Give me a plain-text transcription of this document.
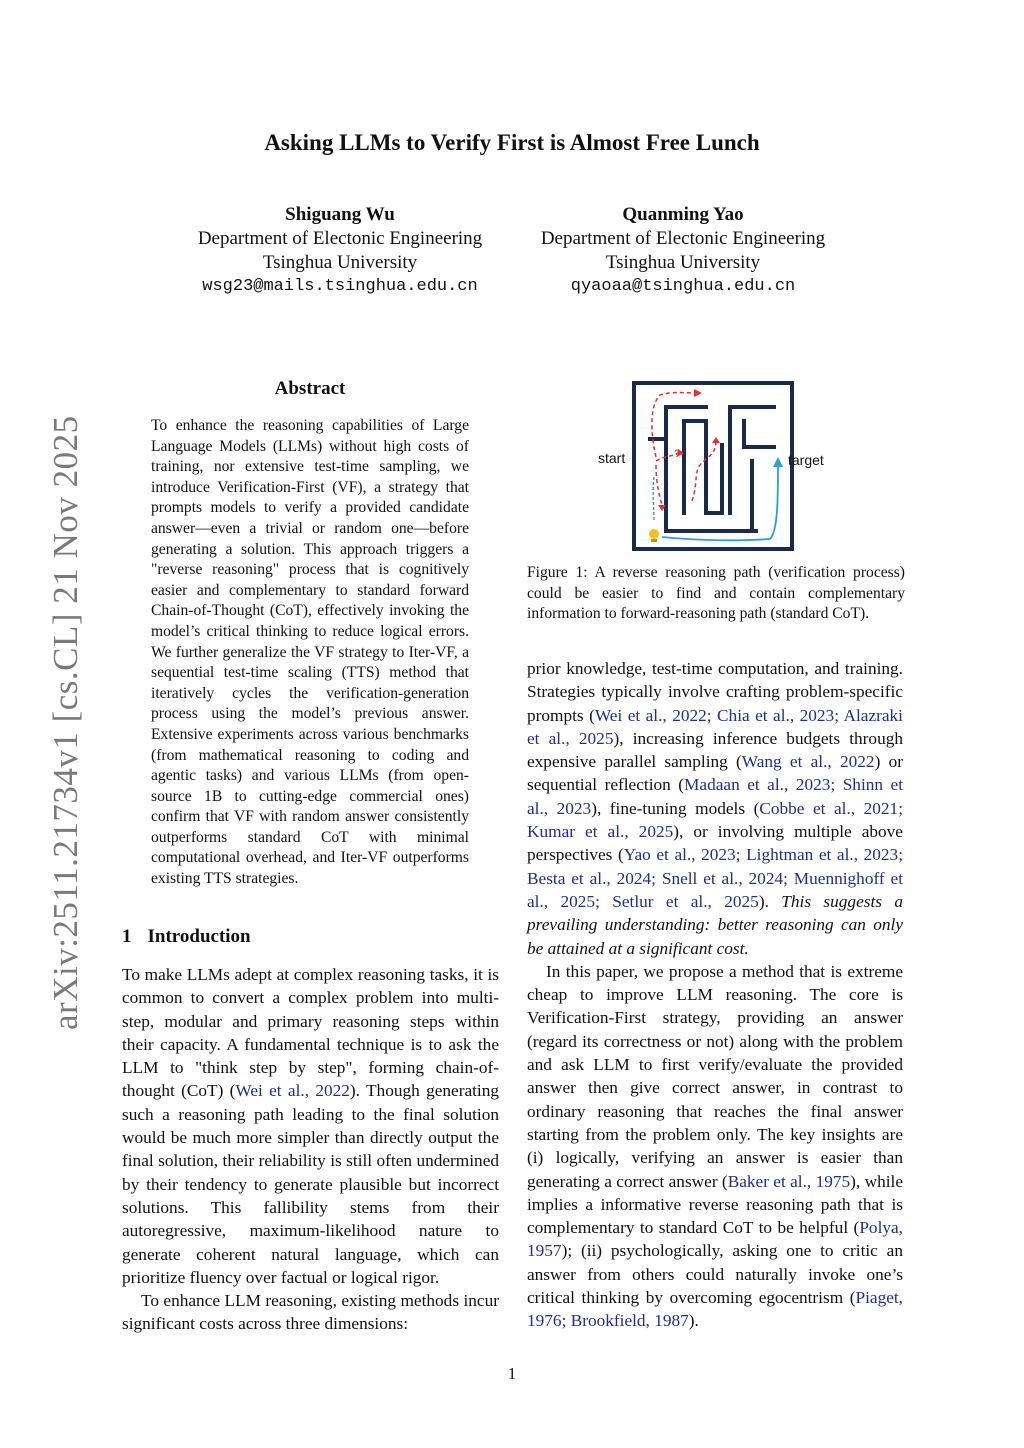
Asking LLMs to Verify First is Almost Free Lunch
Shiguang Wu
Department of Electonic Engineering
Tsinghua University
wsg23@mails.tsinghua.edu.cn
Quanming Yao
Department of Electonic Engineering
Tsinghua University
qyaoaa@tsinghua.edu.cn
arXiv:2511.21734v1 [cs.CL] 21 Nov 2025
Abstract
To enhance the reasoning capabilities of Large Language Models (LLMs) without high costs of training, nor extensive test-time sampling, we introduce Verification-First (VF), a strategy that prompts models to verify a provided candidate answer—even a trivial or random one—before generating a solution. This approach triggers a "reverse reasoning" process that is cognitively easier and complementary to standard forward Chain-of-Thought (CoT), effectively invoking the model’s critical thinking to reduce logical errors. We further generalize the VF strategy to Iter-VF, a sequential test-time scaling (TTS) method that iteratively cycles the verification-generation process using the model’s previous answer. Extensive experiments across various benchmarks (from mathematical reasoning to coding and agentic tasks) and various LLMs (from open-source 1B to cutting-edge commercial ones) confirm that VF with random answer consistently outperforms standard CoT with minimal computational overhead, and Iter-VF outperforms existing TTS strategies.
1 Introduction

To make LLMs adept at complex reasoning tasks, it is common to convert a complex problem into multi-step, modular and primary reasoning steps within their capacity. A fundamental technique is to ask the LLM to "think step by step", forming chain-of-thought (CoT) (Wei et al., 2022). Though generating such a reasoning path leading to the final solution would be much more simpler than directly output the final solution, their reliability is still often undermined by their tendency to generate plausible but incorrect solutions. This fallibility stems from their autoregressive, maximum-likelihood nature to generate coherent natural language, which can prioritize fluency over factual or logical rigor.

To enhance LLM reasoning, existing methods incur significant costs across three dimensions:

?
start	target
Figure 1: A reverse reasoning path (verification process) could be easier to find and contain complementary information to forward-reasoning path (standard CoT).

prior knowledge, test-time computation, and training. Strategies typically involve crafting problem-specific prompts (Wei et al., 2022; Chia et al., 2023; Alazraki et al., 2025), increasing inference budgets through expensive parallel sampling (Wang et al., 2022) or sequential reflection (Madaan et al., 2023; Shinn et al., 2023), fine-tuning models (Cobbe et al., 2021; Kumar et al., 2025), or involving multiple above perspectives (Yao et al., 2023; Lightman et al., 2023; Besta et al., 2024; Snell et al., 2024; Muennighoff et al., 2025; Setlur et al., 2025). This suggests a prevailing understanding: better reasoning can only be attained at a significant cost.

In this paper, we propose a method that is extreme cheap to improve LLM reasoning. The core is Verification-First strategy, providing an answer (regard its correctness or not) along with the problem and ask LLM to first verify/evaluate the provided answer then give correct answer, in contrast to ordinary reasoning that reaches the final answer starting from the problem only. The key insights are (i) logically, verifying an answer is easier than generating a correct answer (Baker et al., 1975), while implies a informative reverse reasoning path that is complementary to standard CoT to be helpful (Polya, 1957); (ii) psychologically, asking one to critic an answer from others could naturally invoke one’s critical thinking by overcoming egocentrism (Piaget, 1976; Brookfield, 1987).

1
